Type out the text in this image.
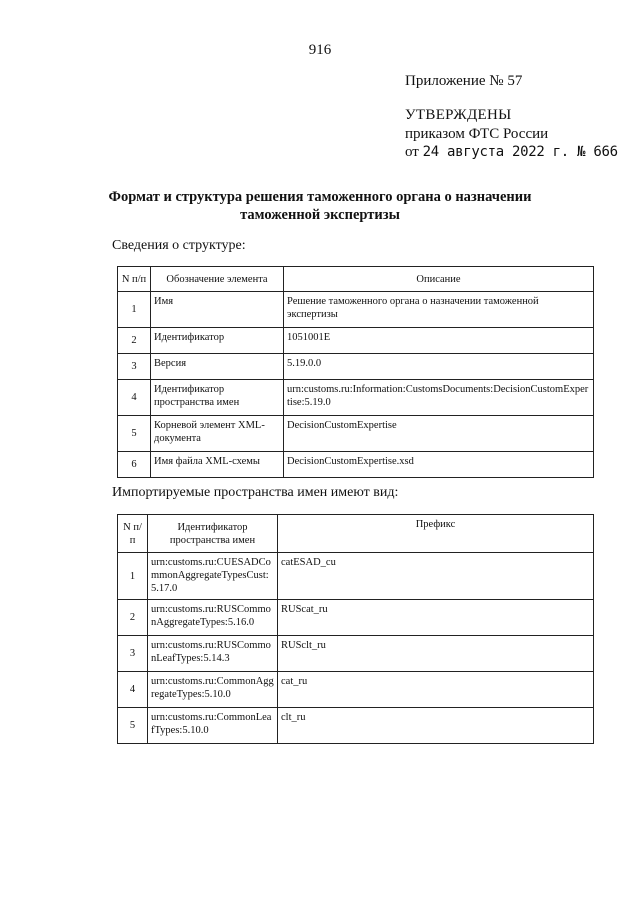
916
Приложение № 57
УТВЕРЖДЕНЫ
приказом ФТС России
от 24 августа 2022 г. № 666
Формат и структура решения таможенного органа о назначении таможенной экспертизы
Сведения о структуре:
N п/п	Обозначение элемента	Описание
1	Имя	Решение таможенного органа о назначении таможенной экспертизы
2	Идентификатор	1051001E
3	Версия	5.19.0.0
4	Идентификатор пространства имен	urn:customs.ru:Information:CustomsDocuments:DecisionCustomExpertise:5.19.0
5	Корневой элемент XML-документа	DecisionCustomExpertise
6	Имя файла XML-схемы	DecisionCustomExpertise.xsd
Импортируемые пространства имен имеют вид:
N п/п	Идентификатор пространства имен	Префикс
1	urn:customs.ru:CUESADCommonAggregateTypesCust:5.17.0	catESAD_cu
2	urn:customs.ru:RUSCommonAggregateTypes:5.16.0	RUScat_ru
3	urn:customs.ru:RUSCommonLeafTypes:5.14.3	RUSclt_ru
4	urn:customs.ru:CommonAggregateTypes:5.10.0	cat_ru
5	urn:customs.ru:CommonLeafTypes:5.10.0	clt_ru
